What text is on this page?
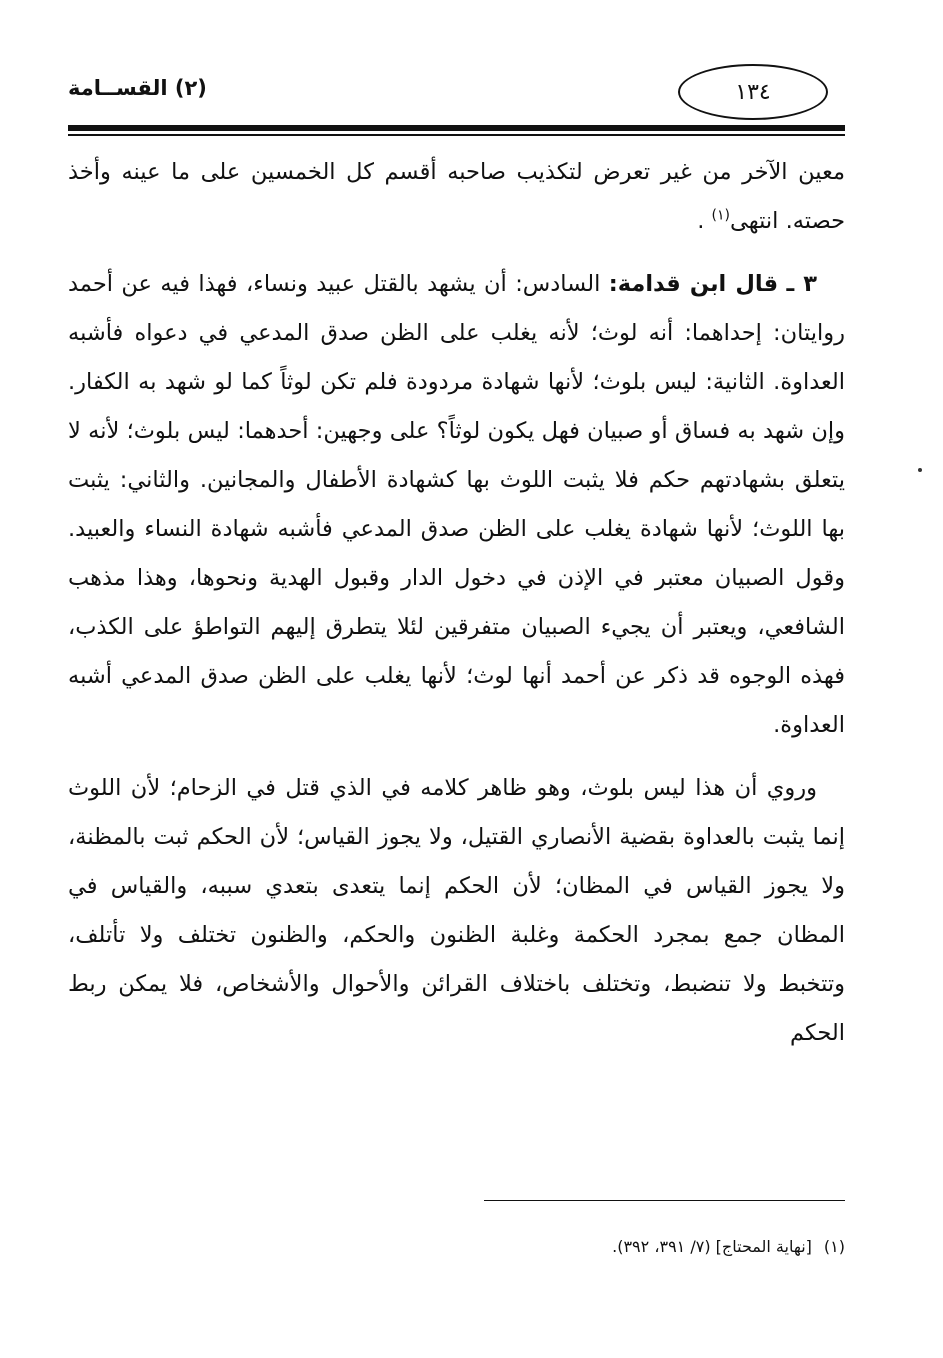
(٢) القســامة	١٣٤

معين الآخر من غير تعرض لتكذيب صاحبه أقسم كل الخمسين على ما عينه وأخذ حصته. انتهى$^{(١)}$ .

٣ ـ قال ابن قدامة: السادس: أن يشهد بالقتل عبيد ونساء، فهذا فيه عن أحمد روايتان: إحداهما: أنه لوث؛ لأنه يغلب على الظن صدق المدعي في دعواه فأشبه العداوة. الثانية: ليس بلوث؛ لأنها شهادة مردودة فلم تكن لوثاً كما لو شهد به الكفار. وإن شهد به فساق أو صبيان فهل يكون لوثاً؟ على وجهين: أحدهما: ليس بلوث؛ لأنه لا يتعلق بشهادتهم حكم فلا يثبت اللوث بها كشهادة الأطفال والمجانين. والثاني: يثبت بها اللوث؛ لأنها شهادة يغلب على الظن صدق المدعي فأشبه شهادة النساء والعبيد. وقول الصبيان معتبر في الإذن في دخول الدار وقبول الهدية ونحوها، وهذا مذهب الشافعي، ويعتبر أن يجيء الصبيان متفرقين لئلا يتطرق إليهم التواطؤ على الكذب، فهذه الوجوه قد ذكر عن أحمد أنها لوث؛ لأنها يغلب على الظن صدق المدعي أشبه العداوة.

وروي أن هذا ليس بلوث، وهو ظاهر كلامه في الذي قتل في الزحام؛ لأن اللوث إنما يثبت بالعداوة بقضية الأنصاري القتيل، ولا يجوز القياس؛ لأن الحكم ثبت بالمظنة، ولا يجوز القياس في المظان؛ لأن الحكم إنما يتعدى بتعدي سببه، والقياس في المظان جمع بمجرد الحكمة وغلبة الظنون والحكم، والظنون تختلف ولا تأتلف، وتتخبط ولا تنضبط، وتختلف باختلاف القرائن والأحوال والأشخاص، فلا يمكن ربط الحكم

(١)[نهاية المحتاج] (٧/ ٣٩١، ٣٩٢).
